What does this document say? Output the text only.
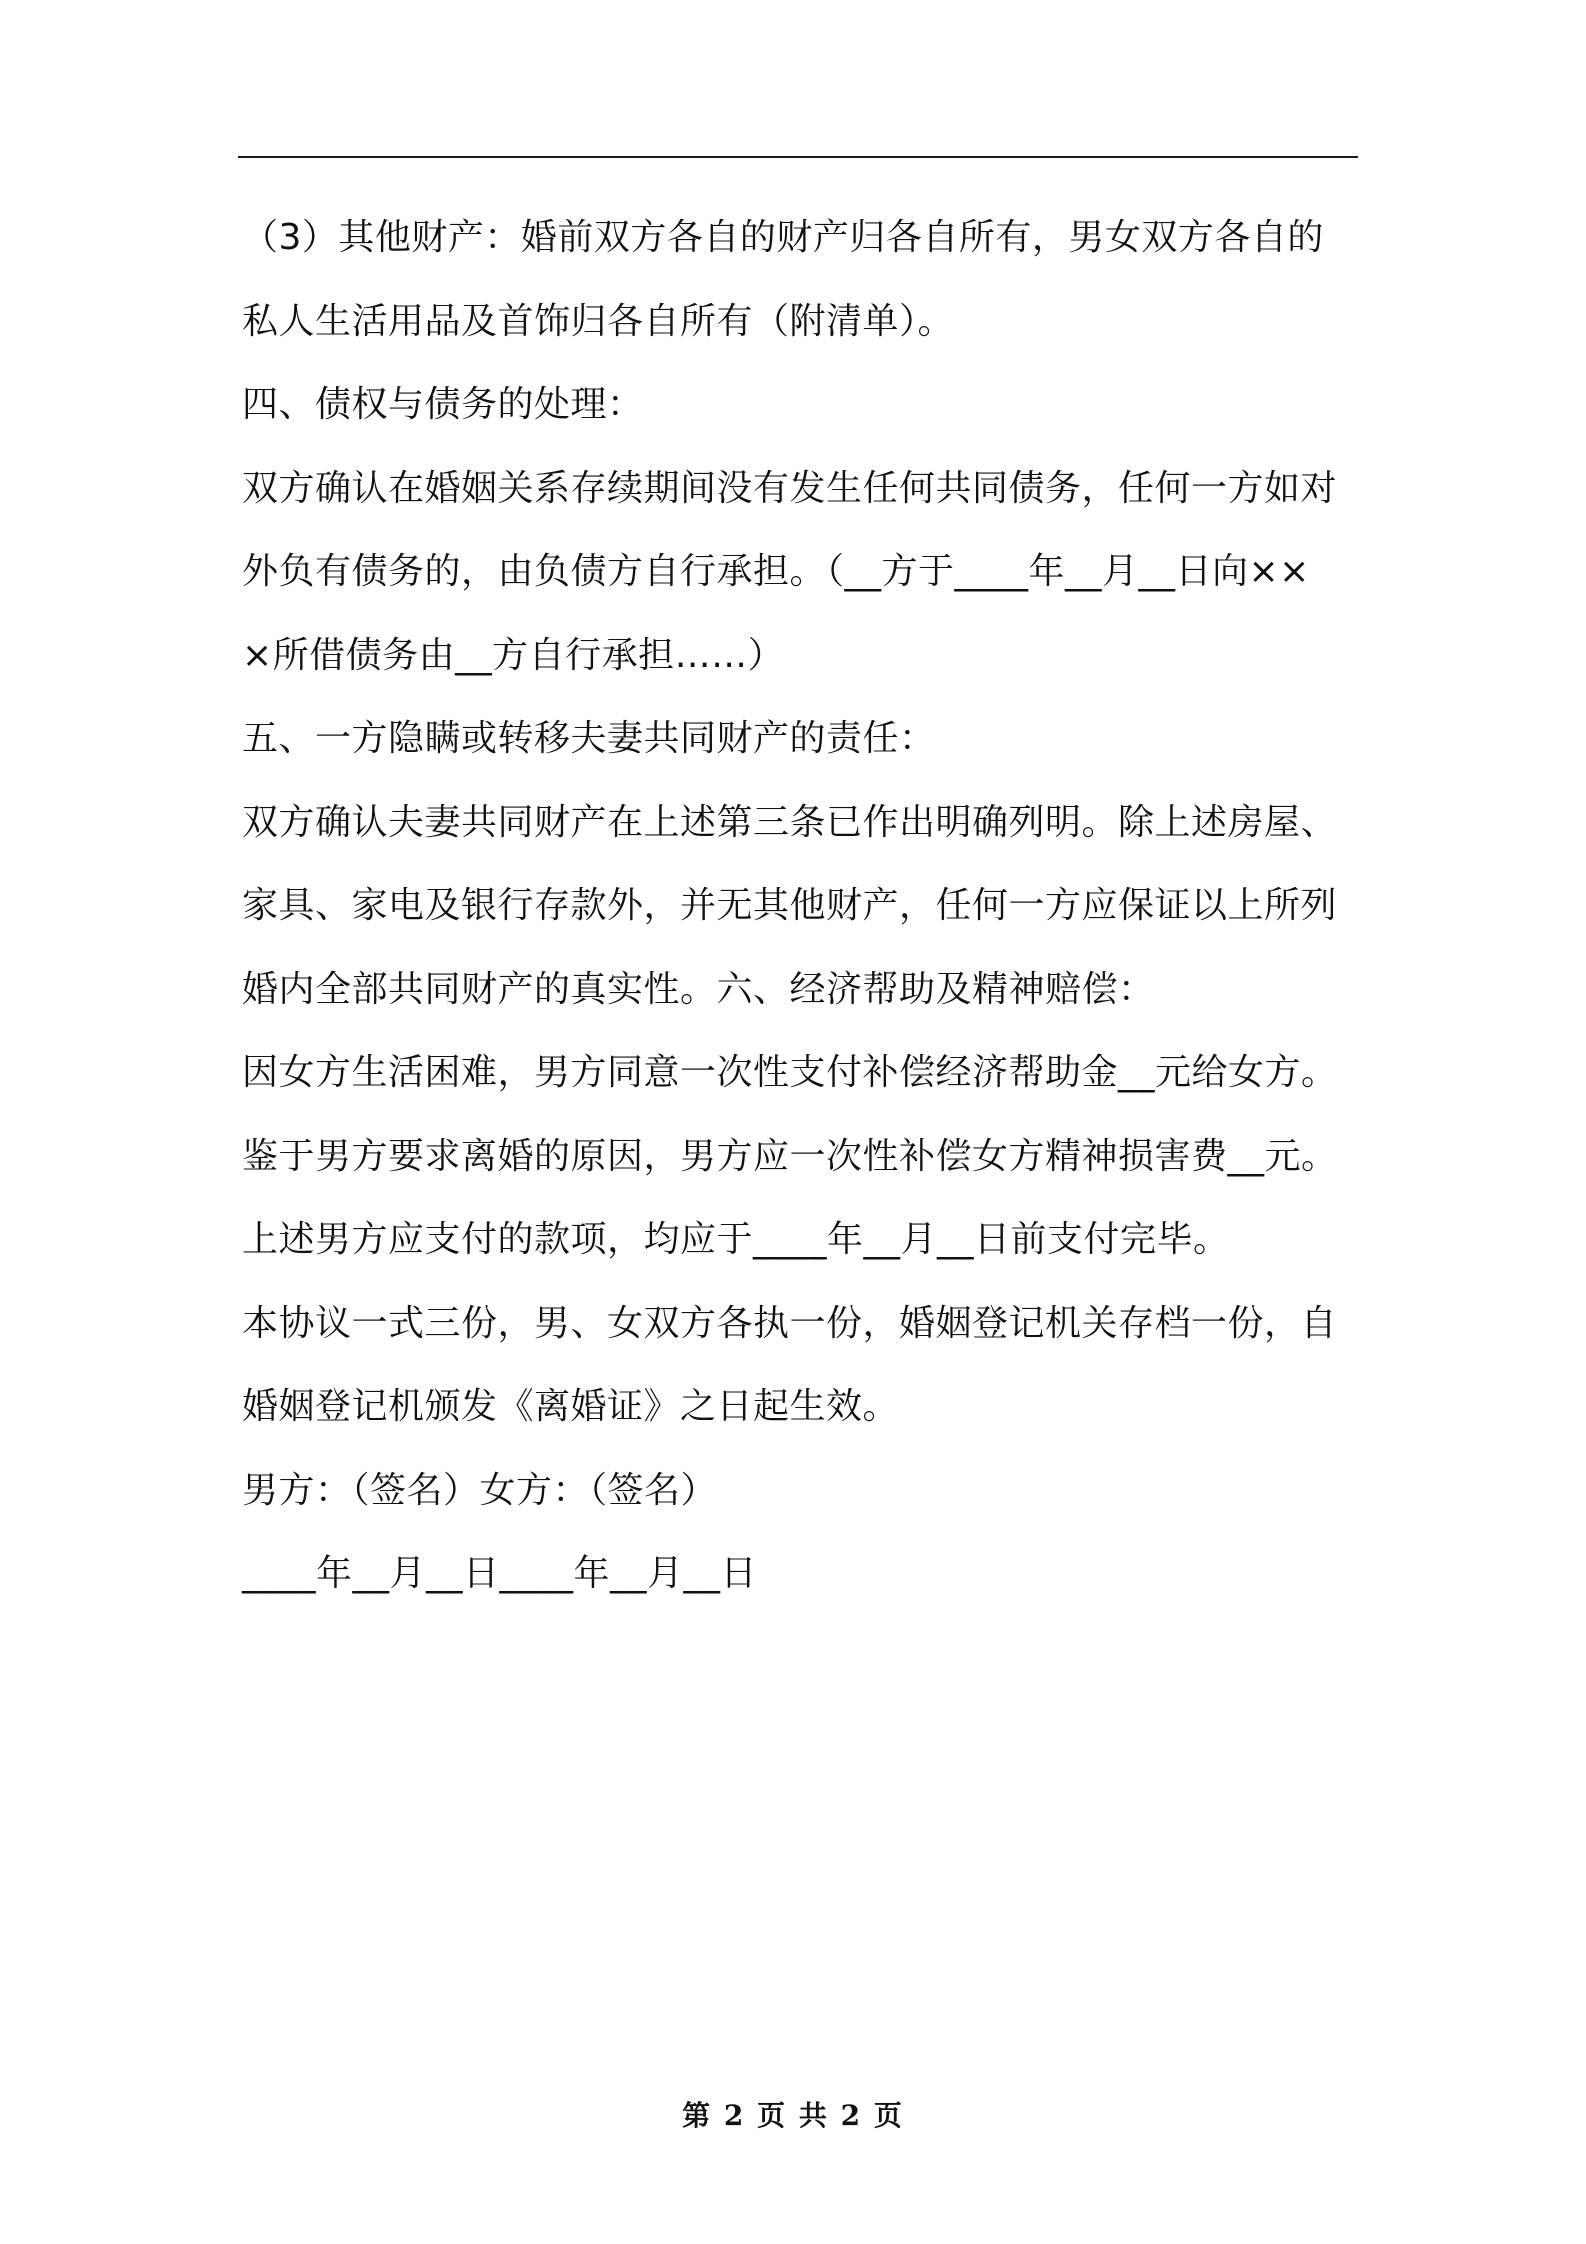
（3）其他财产：婚前双方各自的财产归各自所有，男女双方各自的
私人生活用品及首饰归各自所有（附清单）。
四、债权与债务的处理：
双方确认在婚姻关系存续期间没有发生任何共同债务，任何一方如对
外负有债务的，由负债方自行承担。（__方于____年__月__日向××
×所借债务由__方自行承担……）
五、一方隐瞒或转移夫妻共同财产的责任：
双方确认夫妻共同财产在上述第三条已作出明确列明。除上述房屋、
家具、家电及银行存款外，并无其他财产，任何一方应保证以上所列
婚内全部共同财产的真实性。六、经济帮助及精神赔偿：
因女方生活困难，男方同意一次性支付补偿经济帮助金__元给女方。
鉴于男方要求离婚的原因，男方应一次性补偿女方精神损害费__元。
上述男方应支付的款项，均应于____年__月__日前支付完毕。
本协议一式三份，男、女双方各执一份，婚姻登记机关存档一份，自
婚姻登记机颁发《离婚证》之日起生效。
男方：（签名）女方：（签名）
____年__月__日____年__月__日
第 2 页 共 2 页
